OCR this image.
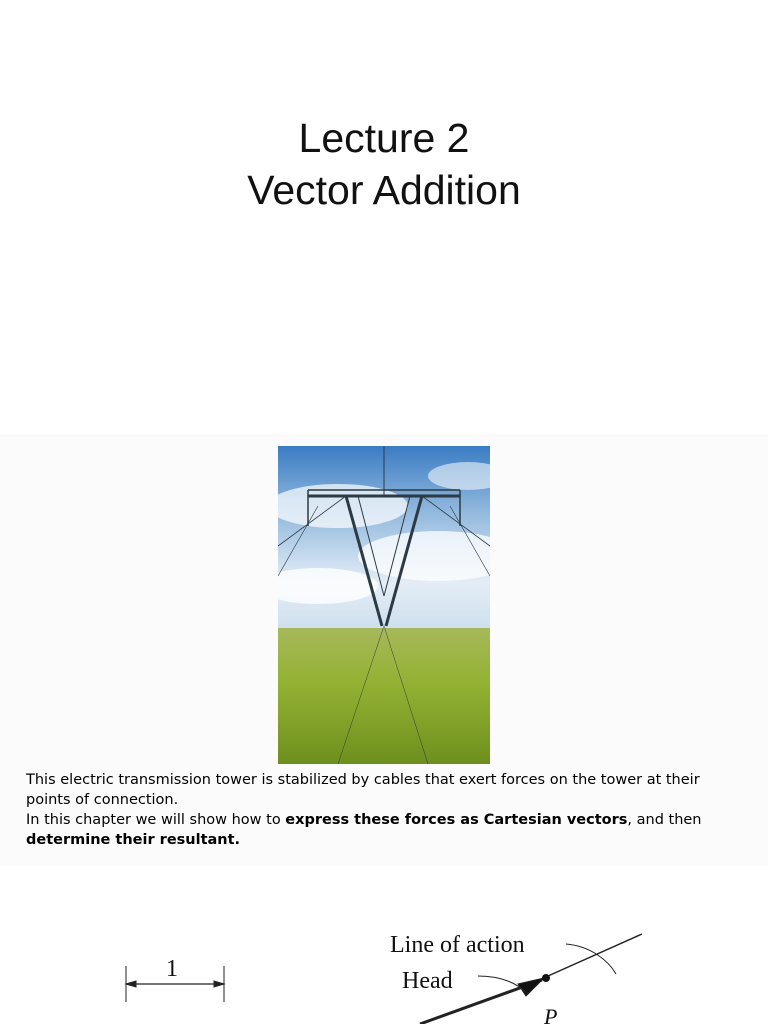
Lecture 2
Vector Addition

This electric transmission tower is stabilized by cables that exert forces on the tower at their points of connection.

In this chapter we will show how to express these forces as Cartesian vectors, and then determine their resultant.

1
Line of action
Head
P
